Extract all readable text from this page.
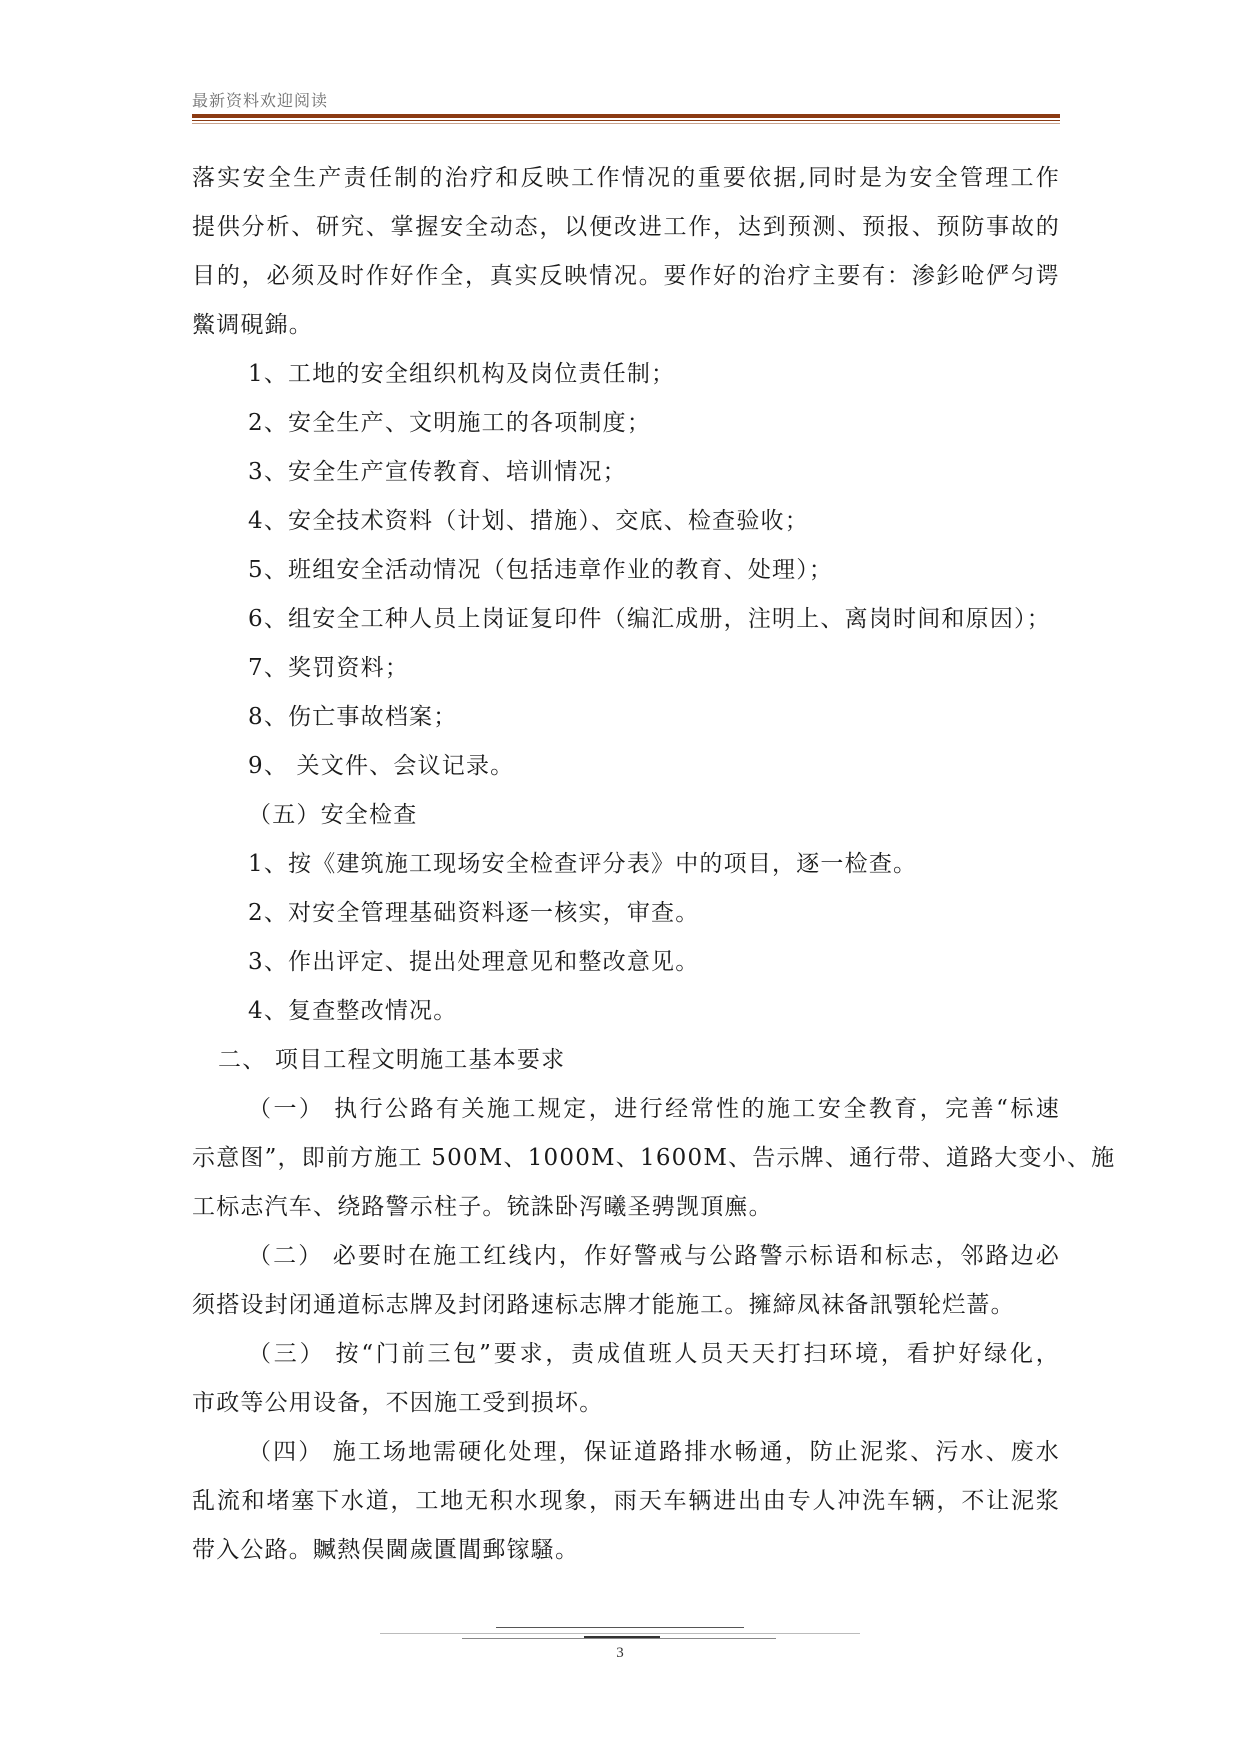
最新资料欢迎阅读
落实安全生产责任制的治疗和反映工作情况的重要依据,同时是为安全管理工作
提供分析、研究、掌握安全动态，以便改进工作，达到预测、预报、预防事故的
目的，必须及时作好作全，真实反映情况。要作好的治疗主要有：渗釤呛俨匀谔
鱉调硯錦。
1、工地的安全组织机构及岗位责任制；
2、安全生产、文明施工的各项制度；
3、安全生产宣传教育、培训情况；
4、安全技术资料（计划、措施）、交底、检查验收；
5、班组安全活动情况（包括违章作业的教育、处理）；
6、组安全工种人员上岗证复印件（编汇成册，注明上、离岗时间和原因）；
7、奖罚资料；
8、伤亡事故档案；
9、 关文件、会议记录。
（五）安全检查
1、按《建筑施工现场安全检查评分表》中的项目，逐一检查。
2、对安全管理基础资料逐一核实，审查。
3、作出评定、提出处理意见和整改意见。
4、复查整改情况。
二、 项目工程文明施工基本要求
（一） 执行公路有关施工规定，进行经常性的施工安全教育，完善“标速
示意图”，即前方施工 500M、1000M、1600M、告示牌、通行带、道路大变小、施
工标志汽车、绕路警示柱子。铳誅卧泻曦圣骋觊頂廡。
（二） 必要时在施工红线内，作好警戒与公路警示标语和标志，邻路边必
须搭设封闭通道标志牌及封闭路速标志牌才能施工。擁締凤袜备訊顎轮烂蔷。
（三） 按“门前三包”要求，责成值班人员天天打扫环境，看护好绿化，
市政等公用设备，不因施工受到损坏。
（四） 施工场地需硬化处理，保证道路排水畅通，防止泥浆、污水、废水
乱流和堵塞下水道，工地无积水现象，雨天车辆进出由专人冲洗车辆，不让泥浆
带入公路。贓熱俣閫歲匱閶郵镓騷。
3
